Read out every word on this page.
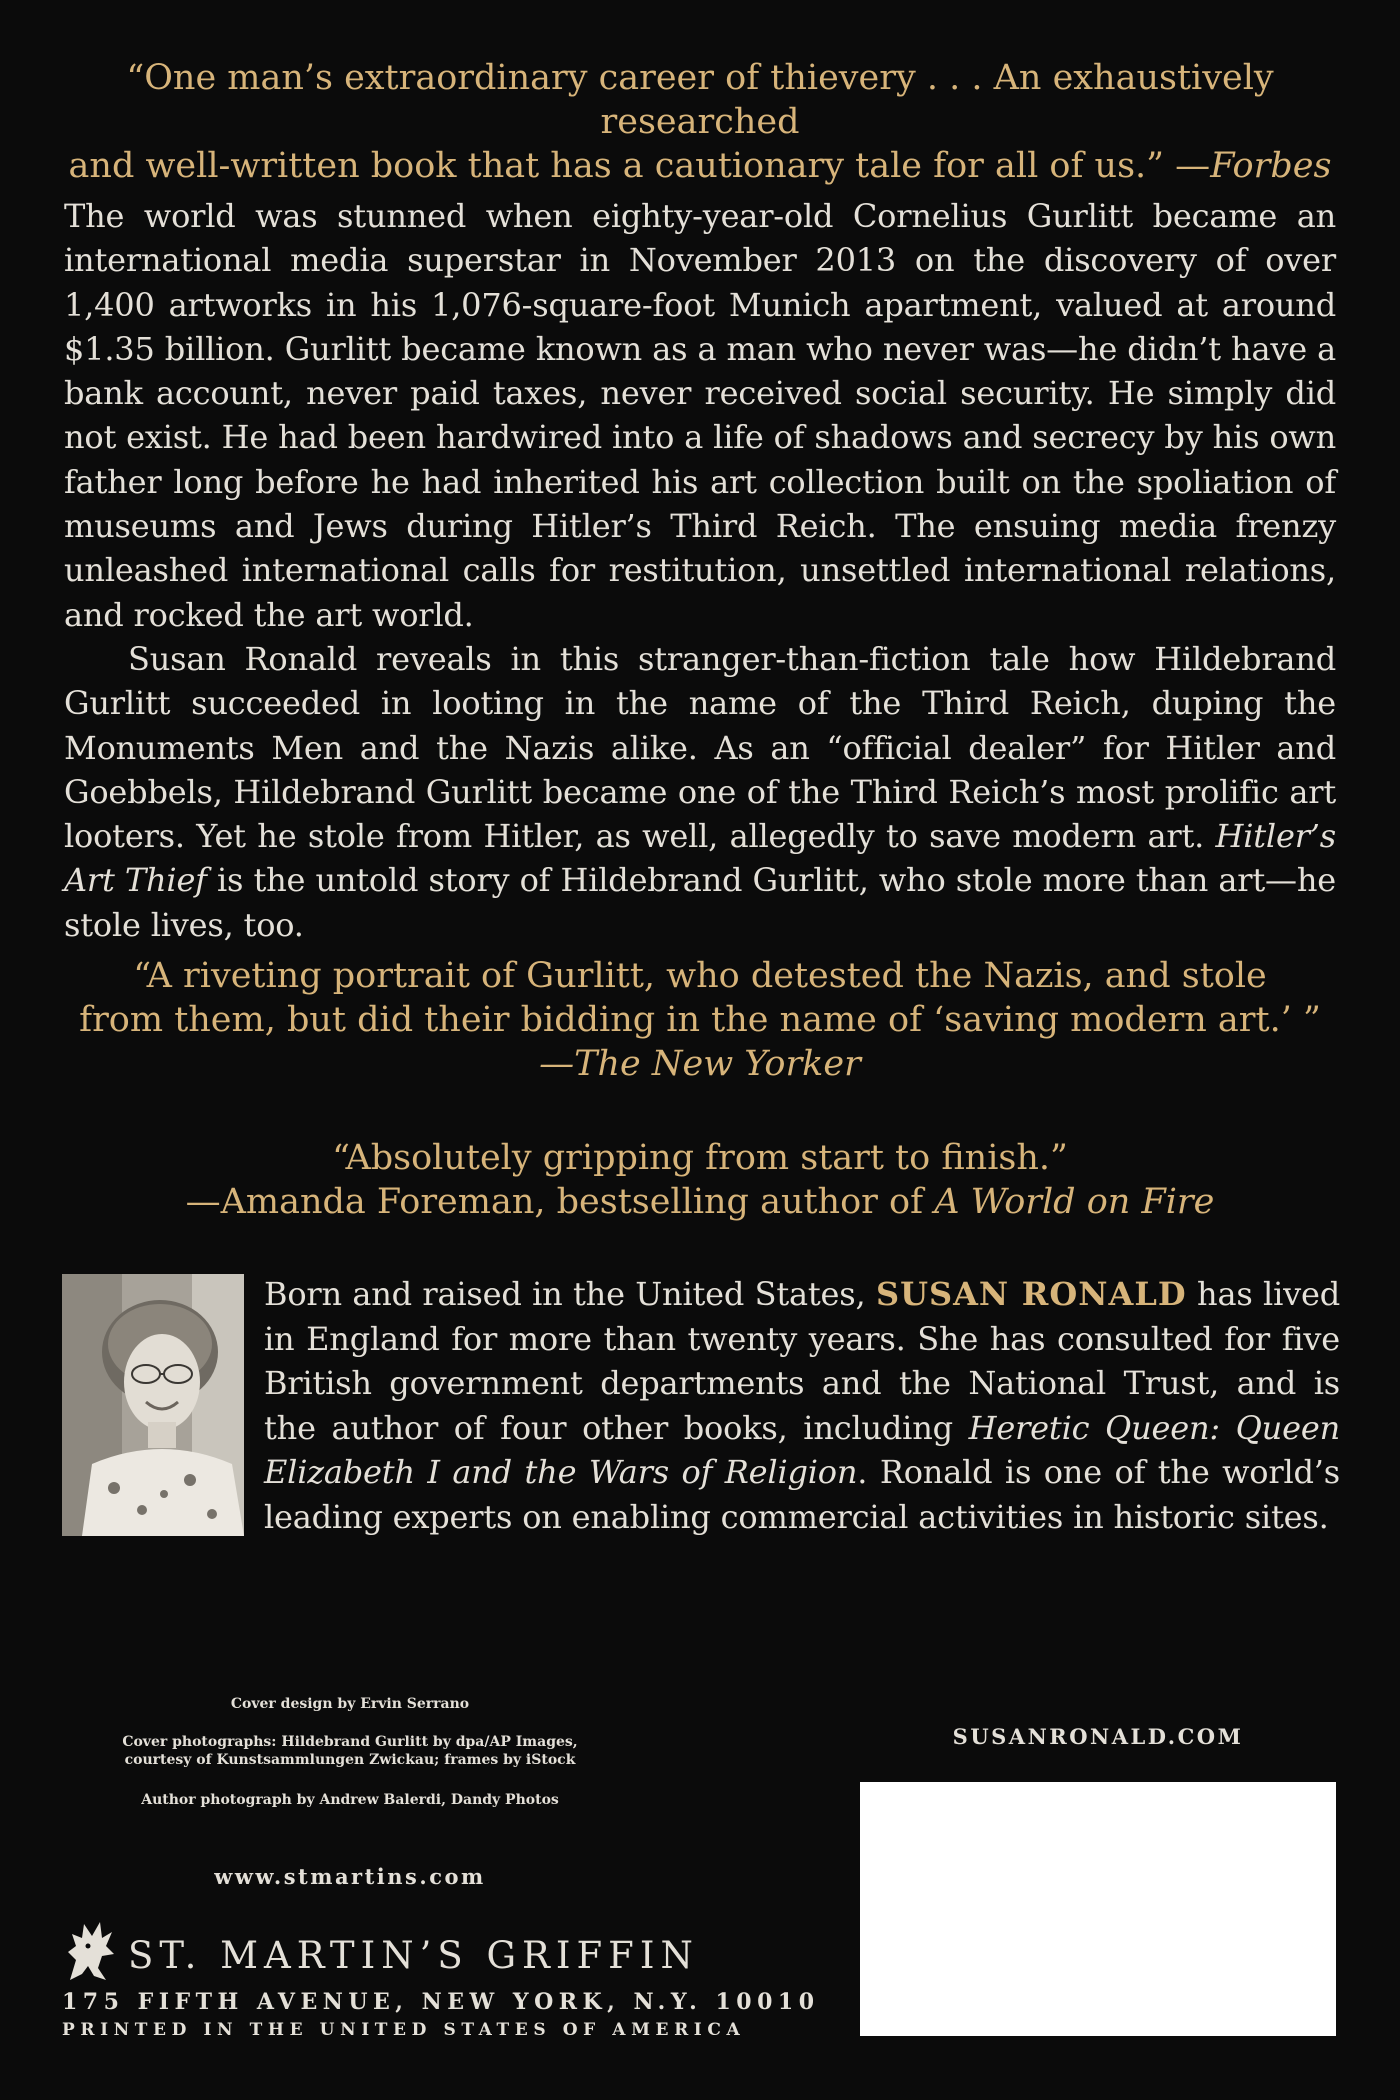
“One man’s extraordinary career of thievery . . . An exhaustively researched

and well-written book that has a cautionary tale for all of us.” —Forbes

The world was stunned when eighty-year-old Cornelius Gurlitt became an international media superstar in November 2013 on the discovery of over 1,400 artworks in his 1,076-square-foot Munich apartment, valued at around $1.35 billion. Gurlitt became known as a man who never was—he didn’t have a bank account, never paid taxes, never received social security. He simply did not exist. He had been hardwired into a life of shadows and secrecy by his own father long before he had inherited his art collection built on the spoliation of museums and Jews during Hitler’s Third Reich. The ensuing media frenzy unleashed international calls for restitution, unsettled international relations, and rocked the art world.

Susan Ronald reveals in this stranger-than-fiction tale how Hildebrand Gurlitt succeeded in looting in the name of the Third Reich, duping the Monuments Men and the Nazis alike. As an “official dealer” for Hitler and Goebbels, Hildebrand Gurlitt became one of the Third Reich’s most prolific art looters. Yet he stole from Hitler, as well, allegedly to save modern art. Hitler’s Art Thief is the untold story of Hildebrand Gurlitt, who stole more than art—he stole lives, too.

“A riveting portrait of Gurlitt, who detested the Nazis, and stole

from them, but did their bidding in the name of ‘saving modern art.’ ”

—The New Yorker

“Absolutely gripping from start to finish.”

—Amanda Foreman, bestselling author of A World on Fire

Born and raised in the United States, SUSAN RONALD has lived in England for more than twenty years. She has consulted for five British government departments and the National Trust, and is the author of four other books, including Heretic Queen: Queen Elizabeth I and the Wars of Religion. Ronald is one of the world’s leading experts on enabling commercial activities in historic sites.

Cover design by Ervin Serrano

Cover photographs: Hildebrand Gurlitt by dpa/AP Images,

courtesy of Kunstsammlungen Zwickau; frames by iStock

Author photograph by Andrew Balerdi, Dandy Photos

www.stmartins.com
SUSANRONALD.COM
ST. MARTIN’S GRIFFIN
175 FIFTH AVENUE, NEW YORK, N.Y. 10010
PRINTED IN THE UNITED STATES OF AMERICA
